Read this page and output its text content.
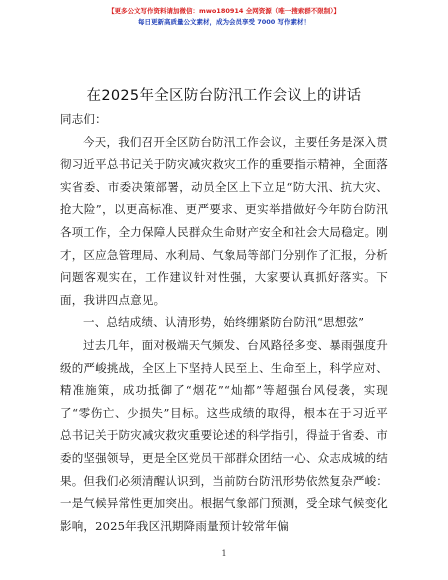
【更多公文写作资料请加微信：mwo180914 全网资源（唯一搜索群不限制）】
每日更新高质量公文素材，成为会员享受 7000 写作素材！
在2025年全区防台防汛工作会议上的讲话

同志们：

今天，我们召开全区防台防汛工作会议，主要任务是深入贯彻习近平总书记关于防灾减灾救灾工作的重要指示精神，全面落实省委、市委决策部署，动员全区上下立足“防大汛、抗大灾、抢大险”，以更高标准、更严要求、更实举措做好今年防台防汛各项工作，全力保障人民群众生命财产安全和社会大局稳定。刚才，区应急管理局、水利局、气象局等部门分别作了汇报，分析问题客观实在，工作建议针对性强，大家要认真抓好落实。下面，我讲四点意见。

一、总结成绩、认清形势，始终绷紧防台防汛“思想弦”

过去几年，面对极端天气频发、台风路径多变、暴雨强度升级的严峻挑战，全区上下坚持人民至上、生命至上，科学应对、精准施策，成功抵御了“烟花”“灿都”等超强台风侵袭，实现了“零伤亡、少损失”目标。这些成绩的取得，根本在于习近平总书记关于防灾减灾救灾重要论述的科学指引，得益于省委、市委的坚强领导，更是全区党员干部群众团结一心、众志成城的结果。但我们必须清醒认识到，当前防台防汛形势依然复杂严峻：一是气候异常性更加突出。根据气象部门预测，受全球气候变化影响，2025年我区汛期降雨量预计较常年偏

1
